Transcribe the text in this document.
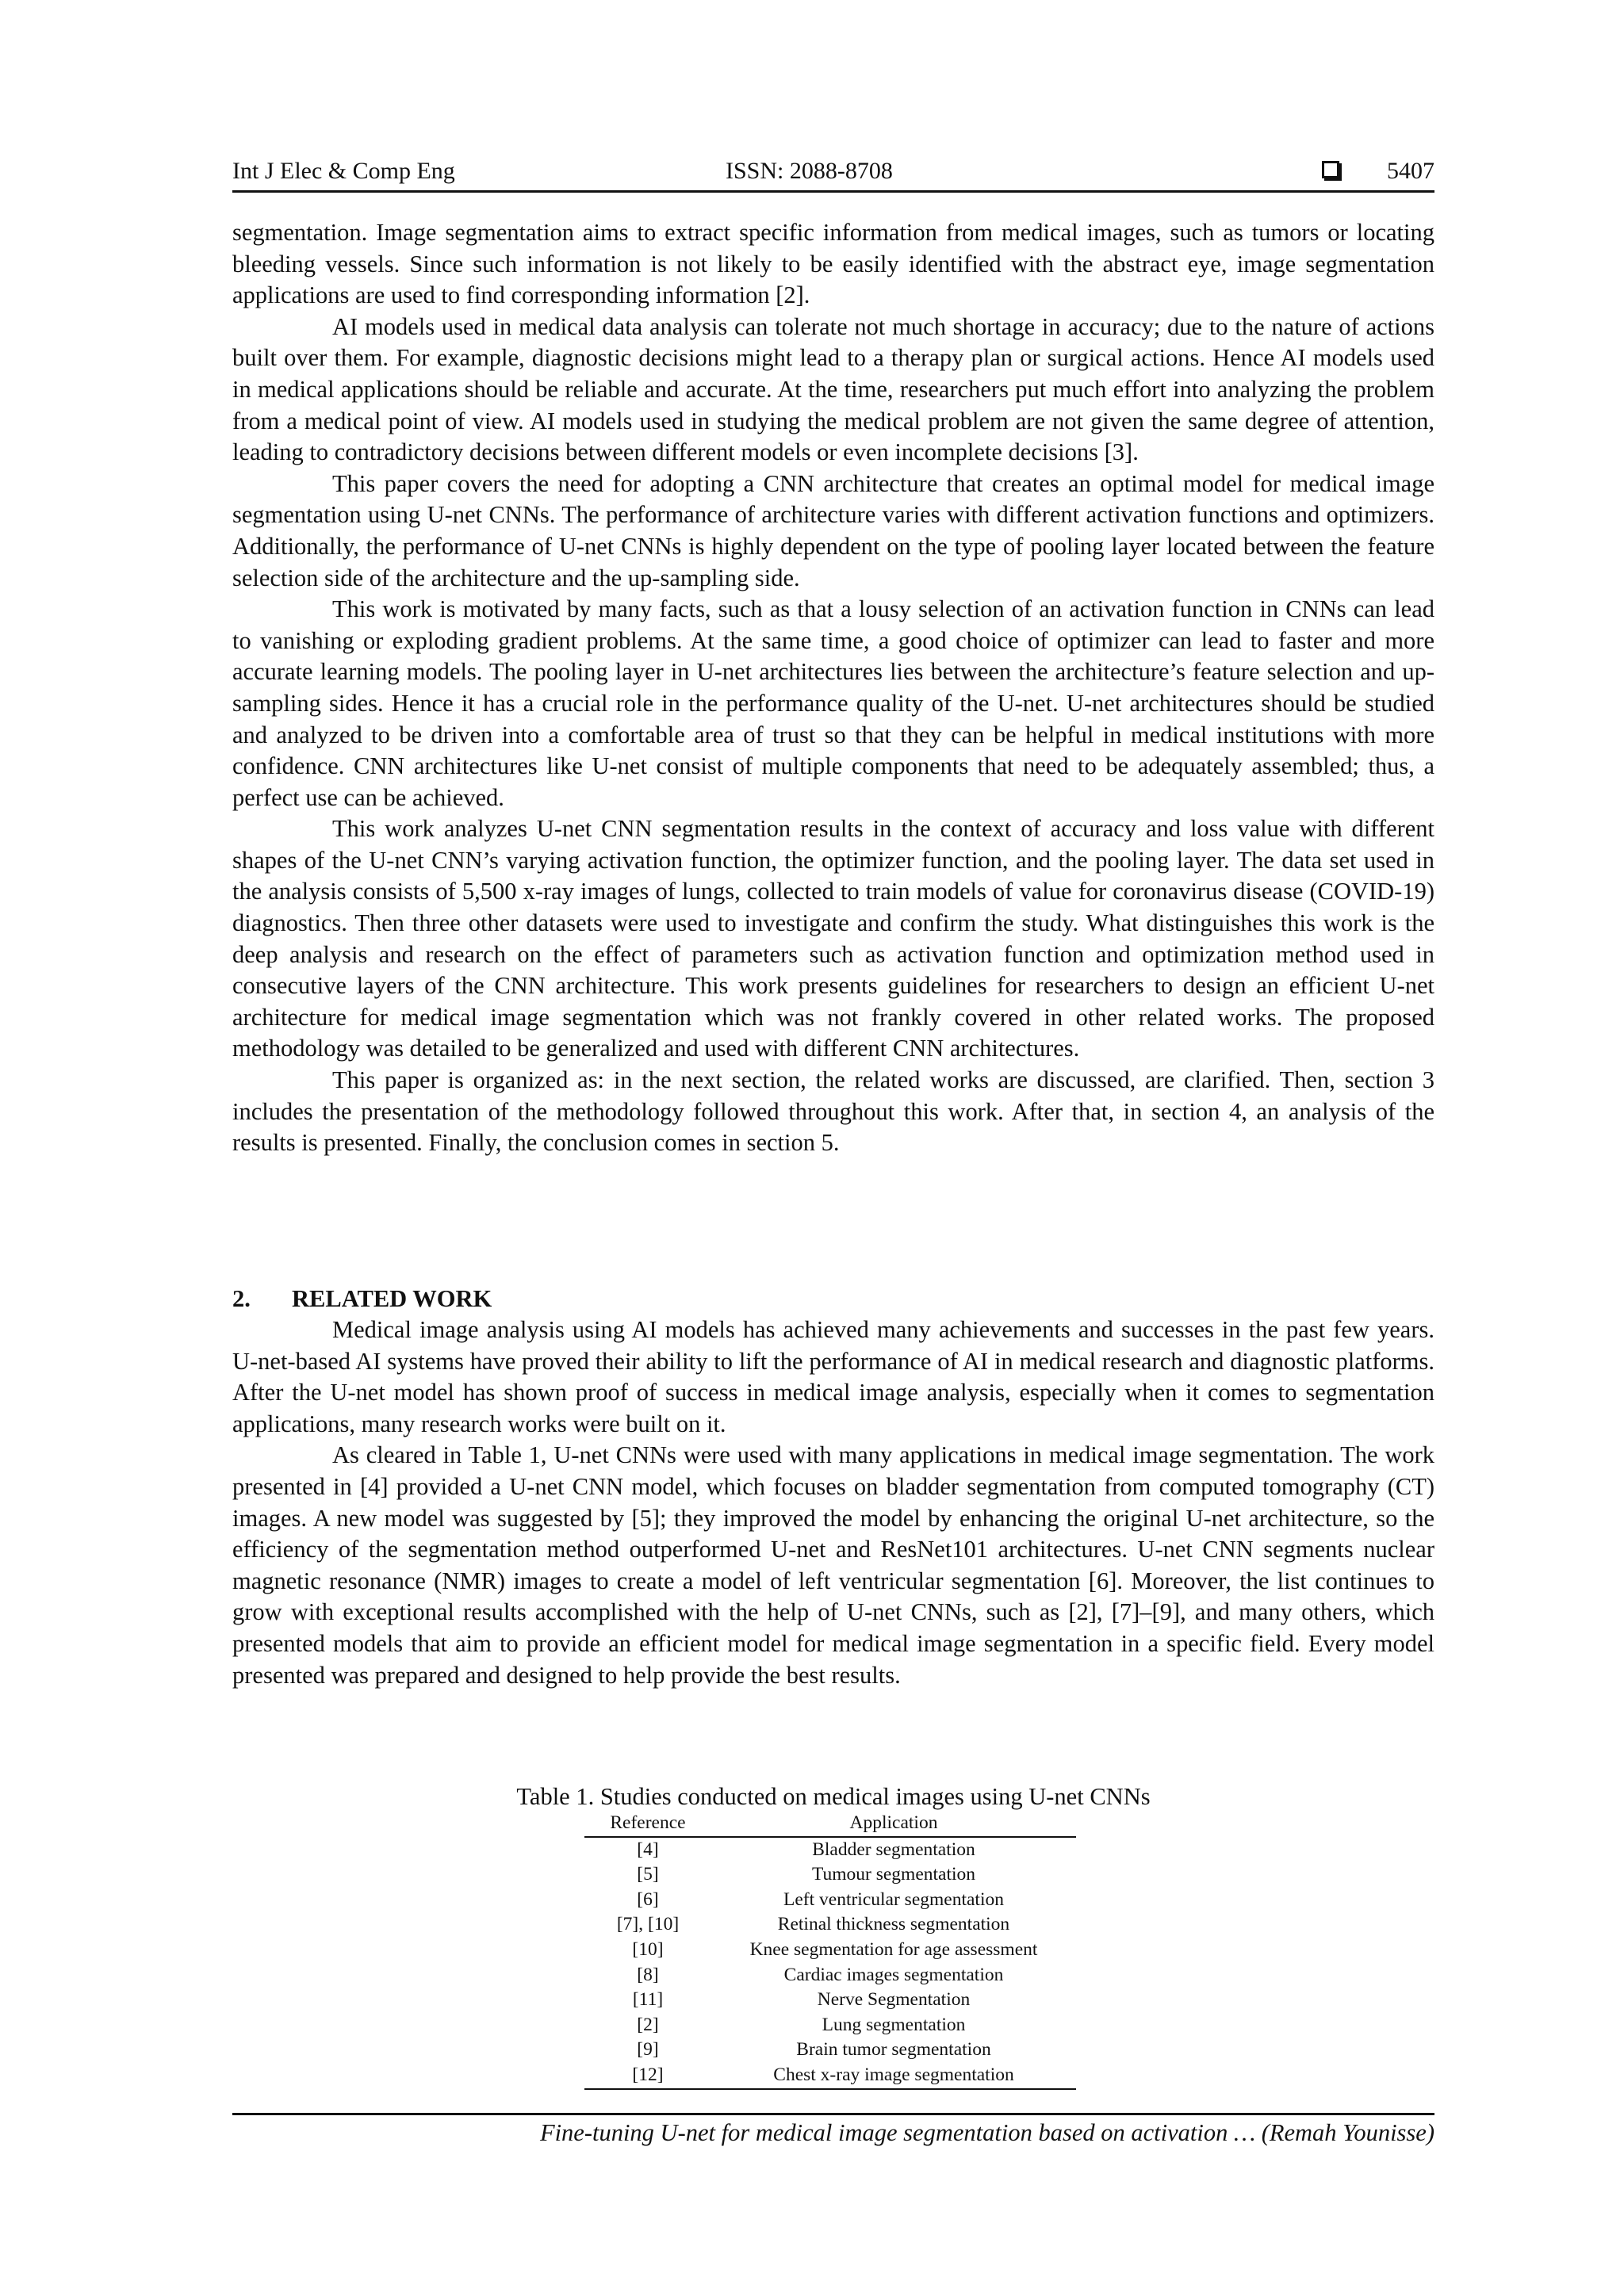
Int J Elec & Comp Eng	ISSN: 2088-8708	5407

segmentation. Image segmentation aims to extract specific information from medical images, such as tumors or locating bleeding vessels. Since such information is not likely to be easily identified with the abstract eye, image segmentation applications are used to find corresponding information [2].

AI models used in medical data analysis can tolerate not much shortage in accuracy; due to the nature of actions built over them. For example, diagnostic decisions might lead to a therapy plan or surgical actions. Hence AI models used in medical applications should be reliable and accurate. At the time, researchers put much effort into analyzing the problem from a medical point of view. AI models used in studying the medical problem are not given the same degree of attention, leading to contradictory decisions between different models or even incomplete decisions [3].

This paper covers the need for adopting a CNN architecture that creates an optimal model for medical image segmentation using U-net CNNs. The performance of architecture varies with different activation functions and optimizers. Additionally, the performance of U-net CNNs is highly dependent on the type of pooling layer located between the feature selection side of the architecture and the up-sampling side.

This work is motivated by many facts, such as that a lousy selection of an activation function in CNNs can lead to vanishing or exploding gradient problems. At the same time, a good choice of optimizer can lead to faster and more accurate learning models. The pooling layer in U-net architectures lies between the architecture’s feature selection and up-sampling sides. Hence it has a crucial role in the performance quality of the U-net. U-net architectures should be studied and analyzed to be driven into a comfortable area of trust so that they can be helpful in medical institutions with more confidence. CNN architectures like U-net consist of multiple components that need to be adequately assembled; thus, a perfect use can be achieved.

This work analyzes U-net CNN segmentation results in the context of accuracy and loss value with different shapes of the U-net CNN’s varying activation function, the optimizer function, and the pooling layer. The data set used in the analysis consists of 5,500 x-ray images of lungs, collected to train models of value for coronavirus disease (COVID-19) diagnostics. Then three other datasets were used to investigate and confirm the study. What distinguishes this work is the deep analysis and research on the effect of parameters such as activation function and optimization method used in consecutive layers of the CNN architecture. This work presents guidelines for researchers to design an efficient U-net architecture for medical image segmentation which was not frankly covered in other related works. The proposed methodology was detailed to be generalized and used with different CNN architectures.

This paper is organized as: in the next section, the related works are discussed, are clarified. Then, section 3 includes the presentation of the methodology followed throughout this work. After that, in section 4, an analysis of the results is presented. Finally, the conclusion comes in section 5.

2. RELATED WORK

Medical image analysis using AI models has achieved many achievements and successes in the past few years. U-net-based AI systems have proved their ability to lift the performance of AI in medical research and diagnostic platforms. After the U-net model has shown proof of success in medical image analysis, especially when it comes to segmentation applications, many research works were built on it.

As cleared in Table 1, U-net CNNs were used with many applications in medical image segmentation. The work presented in [4] provided a U-net CNN model, which focuses on bladder segmentation from computed tomography (CT) images. A new model was suggested by [5]; they improved the model by enhancing the original U-net architecture, so the efficiency of the segmentation method outperformed U-net and ResNet101 architectures. U-net CNN segments nuclear magnetic resonance (NMR) images to create a model of left ventricular segmentation [6]. Moreover, the list continues to grow with exceptional results accomplished with the help of U-net CNNs, such as [2], [7]–[9], and many others, which presented models that aim to provide an efficient model for medical image segmentation in a specific field. Every model presented was prepared and designed to help provide the best results.

Table 1. Studies conducted on medical images using U-net CNNs
Reference	Application
[4]	Bladder segmentation
[5]	Tumour segmentation
[6]	Left ventricular segmentation
[7], [10]	Retinal thickness segmentation
[10]	Knee segmentation for age assessment
[8]	Cardiac images segmentation
[11]	Nerve Segmentation
[2]	Lung segmentation
[9]	Brain tumor segmentation
[12]	Chest x-ray image segmentation
Fine-tuning U-net for medical image segmentation based on activation … (Remah Younisse)
